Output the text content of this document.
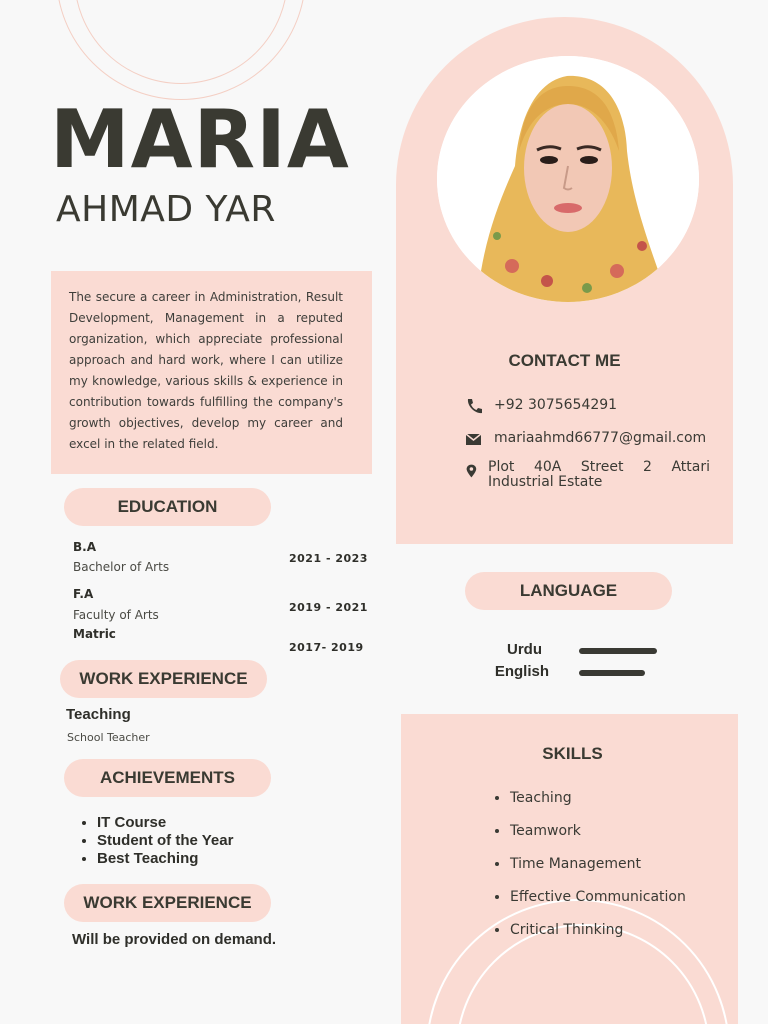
MARIA
AHMAD YAR

The secure a career in Administration, Result Development, Management in a reputed organization, which appreciate professional approach and hard work, where I can utilize my knowledge, various skills & experience in contribution towards fulfilling the company's growth objectives, develop my career and excel in the related field.

EDUCATION
B.A
Bachelor of Arts
2021 - 2023
F.A
Faculty of Arts
2019 - 2021
Matric
2017- 2019
WORK EXPERIENCE
Teaching
School Teacher
ACHIEVEMENTS
• IT Course
• Student of the Year
• Best Teaching
WORK EXPERIENCE
Will be provided on demand.
CONTACT ME
+92 3075654291
mariaahmd66777@gmail.com
Plot 40A Street 2 Attari Industrial Estate
LANGUAGE
Urdu
English
SKILLS
• Teaching
• Teamwork
• Time Management
• Effective Communication
• Critical Thinking
